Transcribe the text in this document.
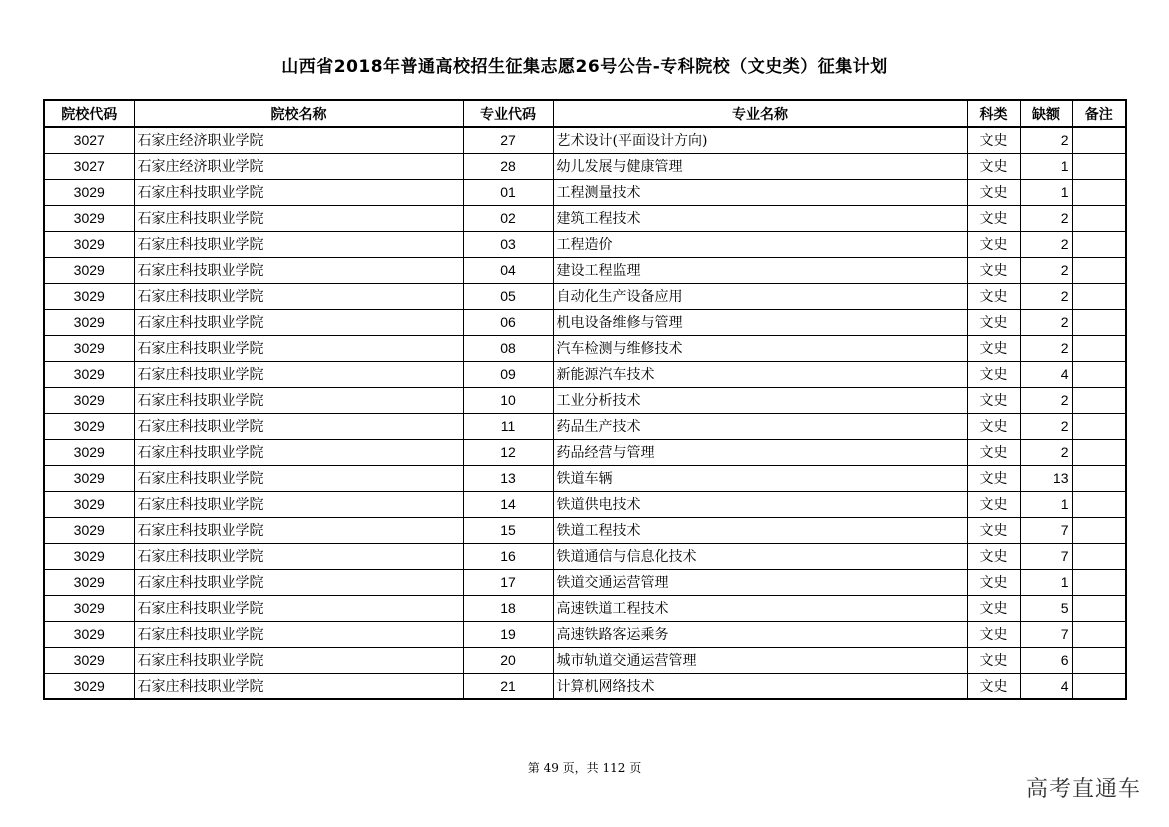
山西省2018年普通高校招生征集志愿26号公告-专科院校（文史类）征集计划
院校代码	院校名称	专业代码	专业名称	科类	缺额	备注
3027	石家庄经济职业学院	27	艺术设计(平面设计方向)	文史	2	
3027	石家庄经济职业学院	28	幼儿发展与健康管理	文史	1	
3029	石家庄科技职业学院	01	工程测量技术	文史	1	
3029	石家庄科技职业学院	02	建筑工程技术	文史	2	
3029	石家庄科技职业学院	03	工程造价	文史	2	
3029	石家庄科技职业学院	04	建设工程监理	文史	2	
3029	石家庄科技职业学院	05	自动化生产设备应用	文史	2	
3029	石家庄科技职业学院	06	机电设备维修与管理	文史	2	
3029	石家庄科技职业学院	08	汽车检测与维修技术	文史	2	
3029	石家庄科技职业学院	09	新能源汽车技术	文史	4	
3029	石家庄科技职业学院	10	工业分析技术	文史	2	
3029	石家庄科技职业学院	11	药品生产技术	文史	2	
3029	石家庄科技职业学院	12	药品经营与管理	文史	2	
3029	石家庄科技职业学院	13	铁道车辆	文史	13	
3029	石家庄科技职业学院	14	铁道供电技术	文史	1	
3029	石家庄科技职业学院	15	铁道工程技术	文史	7	
3029	石家庄科技职业学院	16	铁道通信与信息化技术	文史	7	
3029	石家庄科技职业学院	17	铁道交通运营管理	文史	1	
3029	石家庄科技职业学院	18	高速铁道工程技术	文史	5	
3029	石家庄科技职业学院	19	高速铁路客运乘务	文史	7	
3029	石家庄科技职业学院	20	城市轨道交通运营管理	文史	6	
3029	石家庄科技职业学院	21	计算机网络技术	文史	4	
第 49 页，共 112 页
高考直通车
